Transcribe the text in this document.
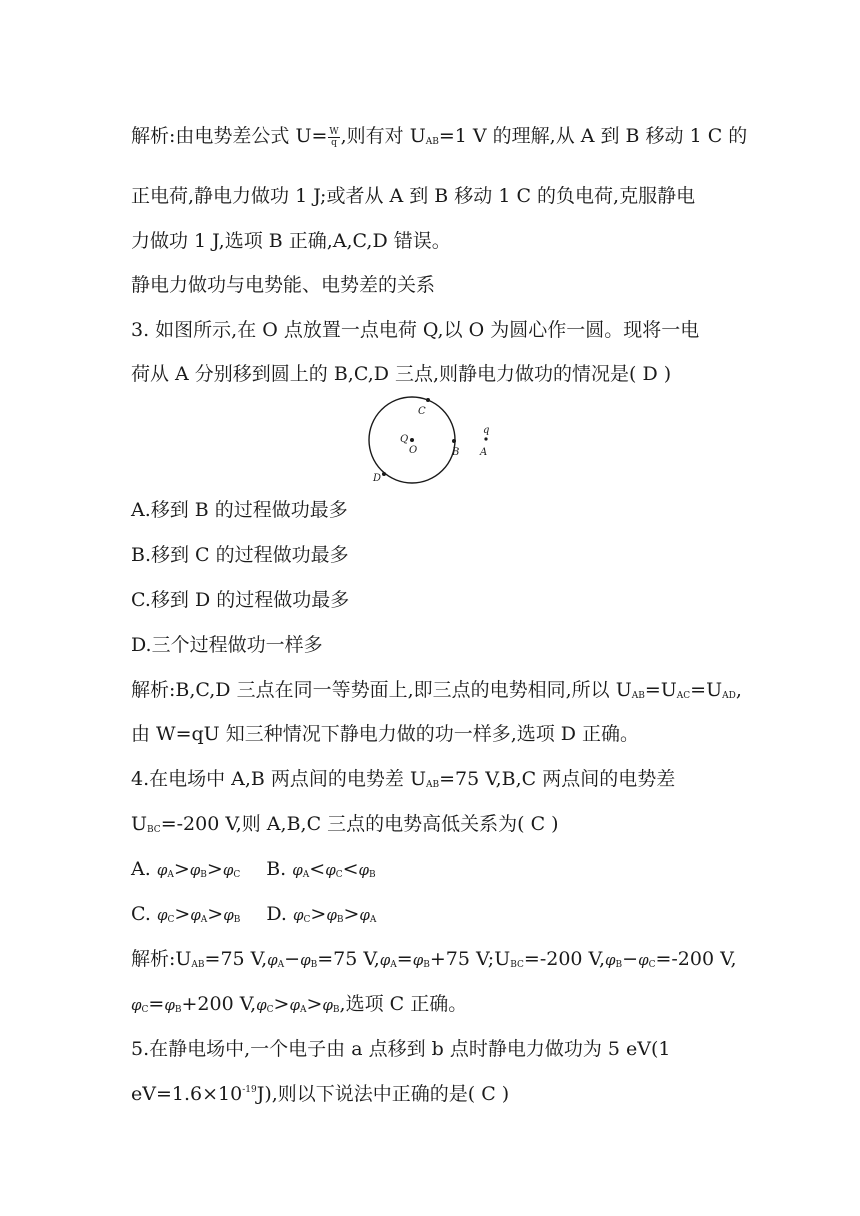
解析:由电势差公式 $U= \frac{W}{q}$ ,则有对 $U_{AB}=1$ V 的理解,从 A 到 B 移动 1 C 的
正电荷,静电力做功 1 J;或者从 A 到 B 移动 1 C 的负电荷,克服静电
力做功 1 J,选项 B 正确,A,C,D 错误。
静电力做功与电势能、电势差的关系
3. 如图所示,在 O 点放置一点电荷 Q,以 O 为圆心作一圆。现将一电
荷从 A 分别移到圆上的 B,C,D 三点,则静电力做功的情况是( D )
C
Q
O	B
D
q
A
A.移到 B 的过程做功最多
B.移到 C 的过程做功最多
C.移到 D 的过程做功最多
D.三个过程做功一样多
解析:B,C,D 三点在同一等势面上,即三点的电势相同,所以 $U_{AB}=U_{AC}=U_{AD}$,
由 W=qU 知三种情况下静电力做的功一样多,选项 D 正确。
4.在电场中 A,B 两点间的电势差 $U_{AB}=75$ V,B,C 两点间的电势差
$U_{BC}=-200$ V,则 A,B,C 三点的电势高低关系为( C )
A. $\varphi_A>\varphi_B>\varphi_C$ B. $\varphi_A<\varphi_C<\varphi_B$
C. $\varphi_C>\varphi_A>\varphi_B$ D. $\varphi_C>\varphi_B>\varphi_A$
解析$:U_{AB}=75$ $V,\varphi_A-\varphi_B=75$ $V,\varphi_A=\varphi_B+75$ $V;U_{BC}=-200$ $V,\varphi_B-\varphi_C=-200$ V,
$\varphi_C=\varphi_B+200$ $V,\varphi_C>\varphi_A>\varphi_B$,选项 C 正确。
5.在静电场中,一个电子由 a 点移到 b 点时静电力做功为 5 eV(1
$eV=1.6\times 10^{-19}J$),则以下说法中正确的是( C )
